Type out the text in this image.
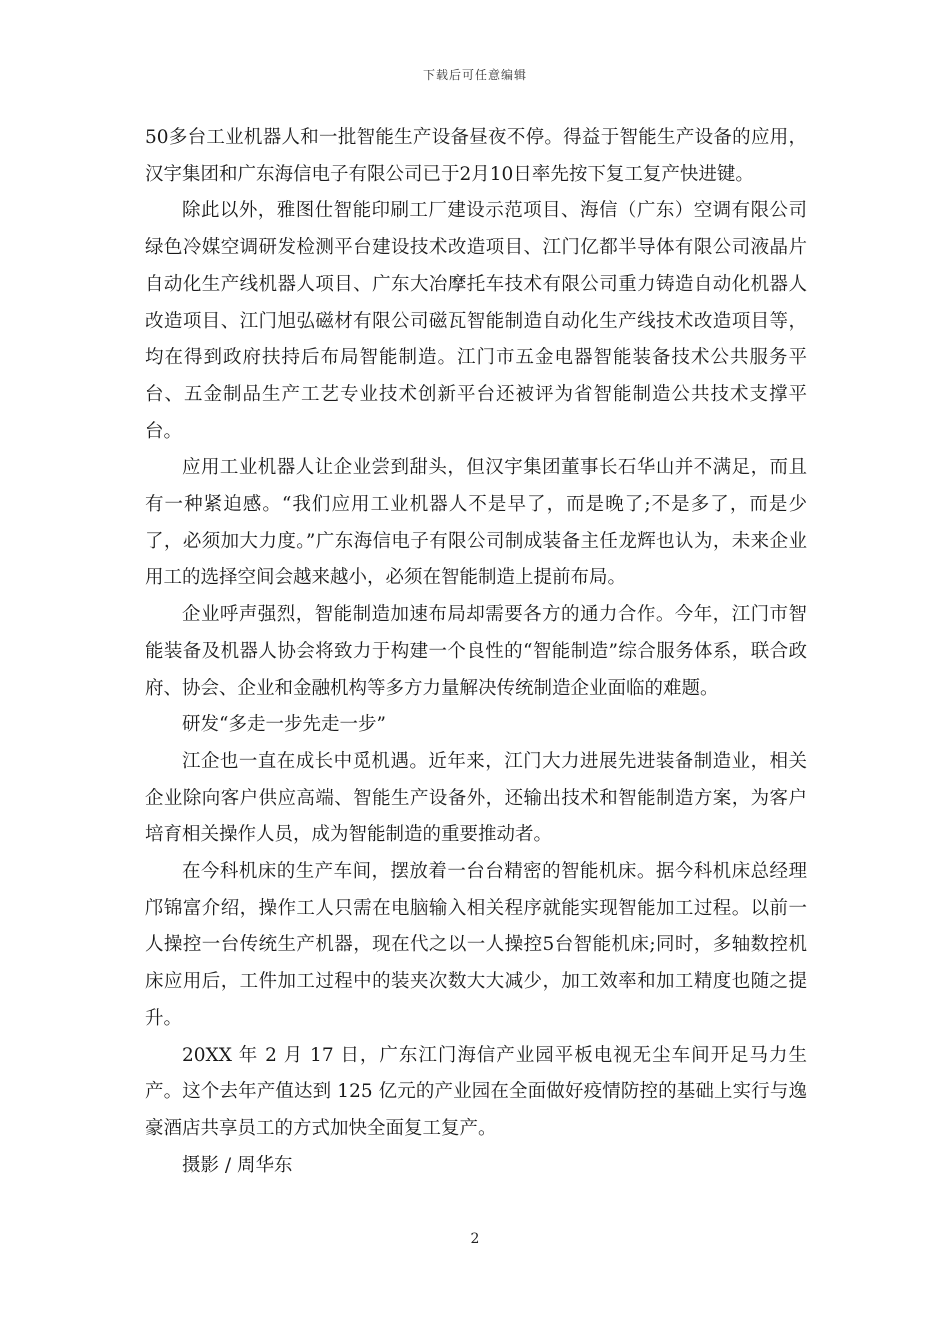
下载后可任意编辑

50多台工业机器人和一批智能生产设备昼夜不停。得益于智能生产设备的应用，汉宇集团和广东海信电子有限公司已于2月10日率先按下复工复产快进键。

除此以外，雅图仕智能印刷工厂建设示范项目、海信（广东）空调有限公司绿色冷媒空调研发检测平台建设技术改造项目、江门亿都半导体有限公司液晶片自动化生产线机器人项目、广东大冶摩托车技术有限公司重力铸造自动化机器人改造项目、江门旭弘磁材有限公司磁瓦智能制造自动化生产线技术改造项目等，均在得到政府扶持后布局智能制造。江门市五金电器智能装备技术公共服务平台、五金制品生产工艺专业技术创新平台还被评为省智能制造公共技术支撑平台。

应用工业机器人让企业尝到甜头，但汉宇集团董事长石华山并不满足，而且有一种紧迫感。“我们应用工业机器人不是早了，而是晚了;不是多了，而是少了，必须加大力度。”广东海信电子有限公司制成装备主任龙辉也认为，未来企业用工的选择空间会越来越小，必须在智能制造上提前布局。

企业呼声强烈，智能制造加速布局却需要各方的通力合作。今年，江门市智能装备及机器人协会将致力于构建一个良性的“智能制造”综合服务体系，联合政府、协会、企业和金融机构等多方力量解决传统制造企业面临的难题。

研发“多走一步先走一步”

江企也一直在成长中觅机遇。近年来，江门大力进展先进装备制造业，相关企业除向客户供应高端、智能生产设备外，还输出技术和智能制造方案，为客户培育相关操作人员，成为智能制造的重要推动者。

在今科机床的生产车间，摆放着一台台精密的智能机床。据今科机床总经理邝锦富介绍，操作工人只需在电脑输入相关程序就能实现智能加工过程。以前一人操控一台传统生产机器，现在代之以一人操控5台智能机床;同时，多轴数控机床应用后，工件加工过程中的装夹次数大大减少，加工效率和加工精度也随之提升。

20XX 年 2 月 17 日，广东江门海信产业园平板电视无尘车间开足马力生产。这个去年产值达到 125 亿元的产业园在全面做好疫情防控的基础上实行与逸豪酒店共享员工的方式加快全面复工复产。

摄影 / 周华东

2
